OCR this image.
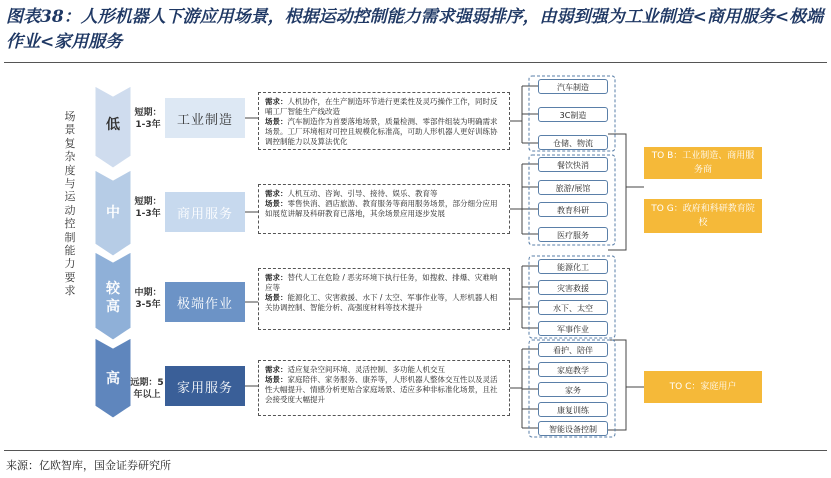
图表38：人形机器人下游应用场景，根据运动控制能力需求强弱排序，由弱到强为工业制造<商用服务<极端作业<家用服务
场景复杂度与运动控制能力要求
低
中
较高
高
短期：1-3年
短期：1-3年
中期：3-5年
远期：5年以上
工业制造
商用服务
极端作业
家用服务

需求：人机协作，在生产制造环节进行更柔性及灵巧操作工作，同时反哺工厂智能生产线改造

场景：汽车制造作为首要落地场景，质量检测、零部件组装为明确需求场景。工厂环境相对可控且规模化标准高，可助人形机器人更好训练协调控制能力以及算法优化

需求：人机互动、咨询、引导、接待、娱乐、教育等

场景：零售快消、酒店旅游、教育服务等商用服务场景，部分细分应用如展览讲解及科研教育已落地，其余场景应用逐步发展

需求：替代人工在危险 / 恶劣环境下执行任务，如搜救、排爆、灾难响应等

场景：能源化工、灾害救援、水下 / 太空、军事作业等，人形机器人相关协调控制、智能分析、高强度材料等技术提升

需求：适应复杂空间环境、灵活控制、多功能人机交互

场景：家庭陪伴、家务服务、康养等，人形机器人整体交互性以及灵活性大幅提升、情感分析更贴合家庭场景、适应多种非标准化场景，且社会接受度大幅提升

汽车制造
3C制造
仓储、物流
餐饮快消
旅游/展馆
教育科研
医疗服务
能源化工
灾害救援
水下、太空
军事作业
看护、陪伴
家庭教学
家务
康复训练
智能设备控制
TO B：工业制造、商用服务商
TO G：政府和科研教育院校
TO C：家庭用户
来源：亿欧智库，国金证券研究所
